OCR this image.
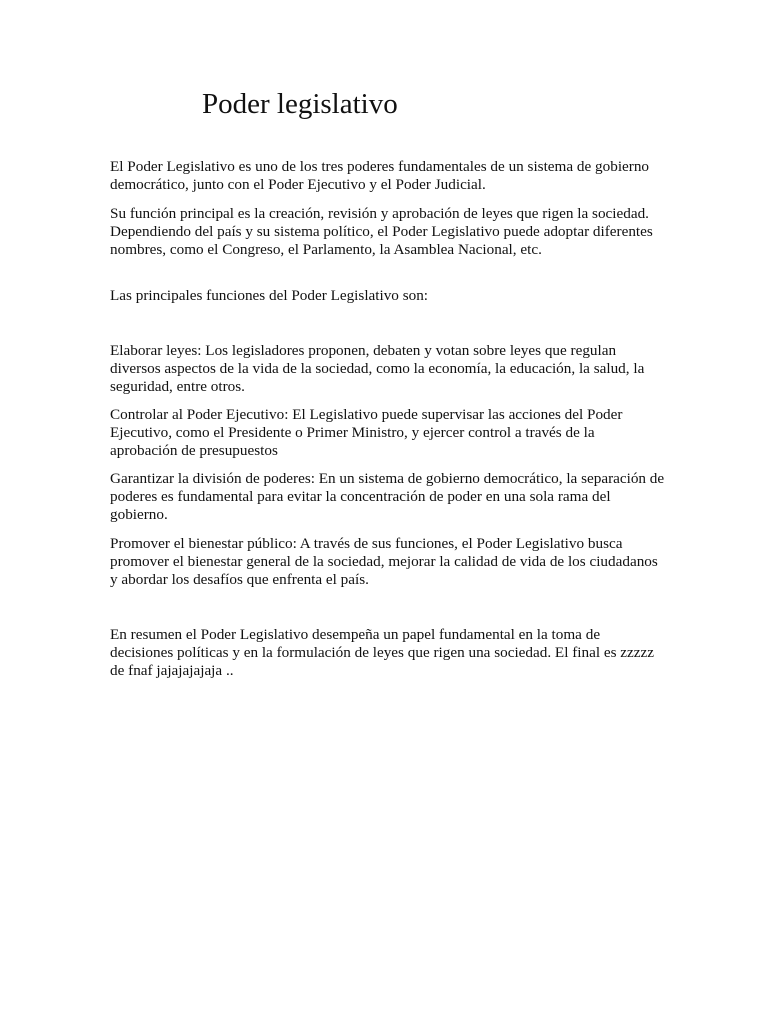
Poder legislativo

El Poder Legislativo es uno de los tres poderes fundamentales de un sistema de gobierno democrático, junto con el Poder Ejecutivo y el Poder Judicial.

Su función principal es la creación, revisión y aprobación de leyes que rigen la sociedad. Dependiendo del país y su sistema político, el Poder Legislativo puede adoptar diferentes nombres, como el Congreso, el Parlamento, la Asamblea Nacional, etc.

Las principales funciones del Poder Legislativo son:

Elaborar leyes: Los legisladores proponen, debaten y votan sobre leyes que regulan diversos aspectos de la vida de la sociedad, como la economía, la educación, la salud, la seguridad, entre otros.

Controlar al Poder Ejecutivo: El Legislativo puede supervisar las acciones del Poder Ejecutivo, como el Presidente o Primer Ministro, y ejercer control a través de la aprobación de presupuestos

Garantizar la división de poderes: En un sistema de gobierno democrático, la separación de poderes es fundamental para evitar la concentración de poder en una sola rama del gobierno.

Promover el bienestar público: A través de sus funciones, el Poder Legislativo busca promover el bienestar general de la sociedad, mejorar la calidad de vida de los ciudadanos y abordar los desafíos que enfrenta el país.

En resumen el Poder Legislativo desempeña un papel fundamental en la toma de decisiones políticas y en la formulación de leyes que rigen una sociedad. El final es zzzzz de fnaf jajajajajaja ..
